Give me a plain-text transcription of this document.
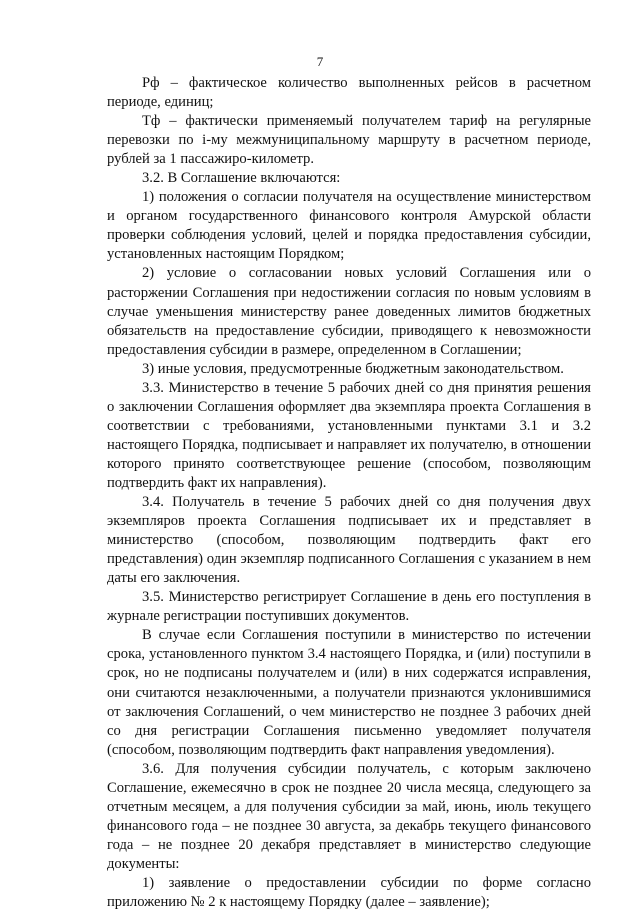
7

Рф – фактическое количество выполненных рейсов в расчетном периоде, единиц;

Тф – фактически применяемый получателем тариф на регулярные перевозки по i-му межмуниципальному маршруту в расчетном периоде, рублей за 1 пассажиро-километр.

3.2. В Соглашение включаются:

1) положения о согласии получателя на осуществление министерством и органом государственного финансового контроля Амурской области проверки соблюдения условий, целей и порядка предоставления субсидии, установленных настоящим Порядком;

2) условие о согласовании новых условий Соглашения или о расторжении Соглашения при недостижении согласия по новым условиям в случае уменьшения министерству ранее доведенных лимитов бюджетных обязательств на предоставление субсидии, приводящего к невозможности предоставления субсидии в размере, определенном в Соглашении;

3) иные условия, предусмотренные бюджетным законодательством.

3.3. Министерство в течение 5 рабочих дней со дня принятия решения о заключении Соглашения оформляет два экземпляра проекта Соглашения в соответствии с требованиями, установленными пунктами 3.1 и 3.2 настоящего Порядка, подписывает и направляет их получателю, в отношении которого принято соответствующее решение (способом, позволяющим подтвердить факт их направления).

3.4. Получатель в течение 5 рабочих дней со дня получения двух экземпляров проекта Соглашения подписывает их и представляет в министерство (способом, позволяющим подтвердить факт его представления) один экземпляр подписанного Соглашения с указанием в нем даты его заключения.

3.5. Министерство регистрирует Соглашение в день его поступления в журнале регистрации поступивших документов.

В случае если Соглашения поступили в министерство по истечении срока, установленного пунктом 3.4 настоящего Порядка, и (или) поступили в срок, но не подписаны получателем и (или) в них содержатся исправления, они считаются незаключенными, а получатели признаются уклонившимися от заключения Соглашений, о чем министерство не позднее 3 рабочих дней со дня регистрации Соглашения письменно уведомляет получателя (способом, позволяющим подтвердить факт направления уведомления).

3.6. Для получения субсидии получатель, с которым заключено Соглашение, ежемесячно в срок не позднее 20 числа месяца, следующего за отчетным месяцем, а для получения субсидии за май, июнь, июль текущего финансового года – не позднее 30 августа, за декабрь текущего финансового года – не позднее 20 декабря представляет в министерство следующие документы:

1) заявление о предоставлении субсидии по форме согласно приложению № 2 к настоящему Порядку (далее – заявление);
